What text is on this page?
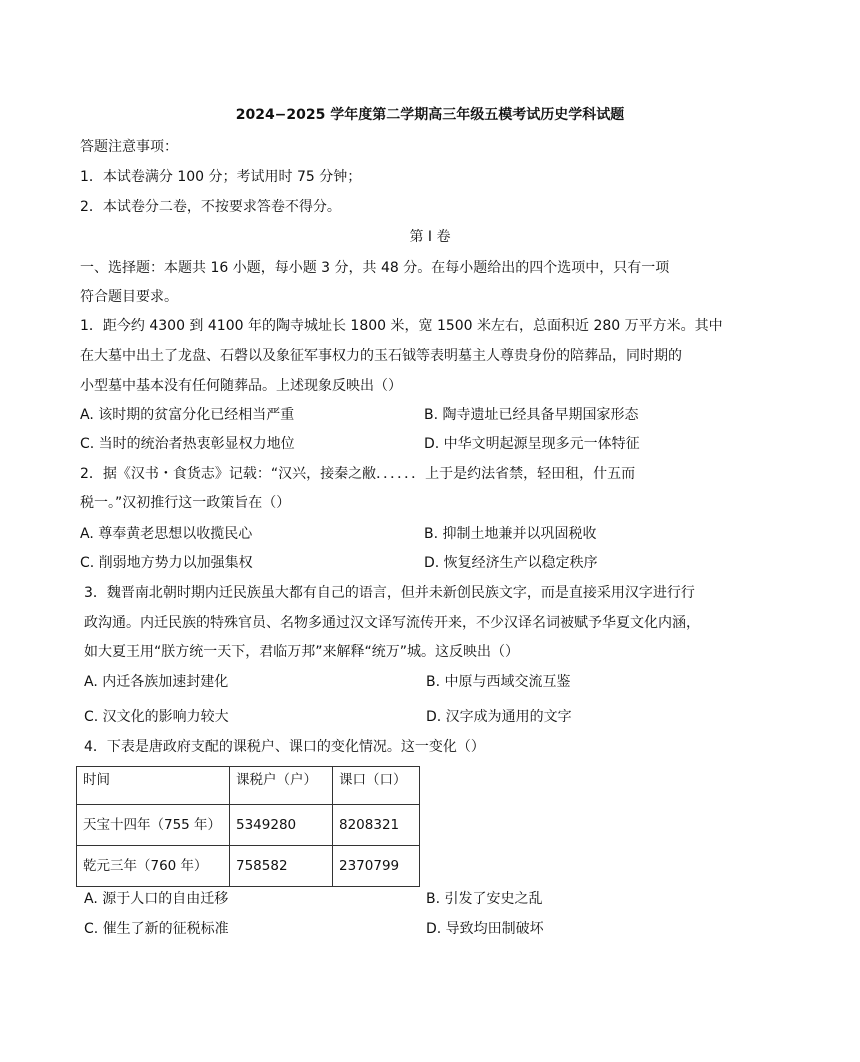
2024−2025 学年度第二学期高三年级五模考试历史学科试题
答题注意事项：
1．本试卷满分 100 分；考试用时 75 分钟；
2．本试卷分二卷，不按要求答卷不得分。
第 I 卷
一、选择题：本题共 16 小题，每小题 3 分，共 48 分。在每小题给出的四个选项中，只有一项
符合题目要求。
1．距今约 4300 到 4100 年的陶寺城址长 1800 米，宽 1500 米左右，总面积近 280 万平方米。其中
在大墓中出土了龙盘、石磬以及象征军事权力的玉石钺等表明墓主人尊贵身份的陪葬品，同时期的
小型墓中基本没有任何随葬品。上述现象反映出（）
A. 该时期的贫富分化已经相当严重	B. 陶寺遗址已经具备早期国家形态
C. 当时的统治者热衷彰显权力地位	D. 中华文明起源呈现多元一体特征
2．据《汉书・食货志》记载：“汉兴，接秦之敝．．．．．．上于是约法省禁，轻田租，什五而
税一。”汉初推行这一政策旨在（）
A. 尊奉黄老思想以收揽民心	B. 抑制土地兼并以巩固税收
C. 削弱地方势力以加强集权	D. 恢复经济生产以稳定秩序
3．魏晋南北朝时期内迁民族虽大都有自己的语言，但并未新创民族文字，而是直接采用汉字进行行
政沟通。内迁民族的特殊官员、名物多通过汉文译写流传开来，不少汉译名词被赋予华夏文化内涵，
如大夏王用“朕方统一天下，君临万邦”来解释“统万”城。这反映出（）
A. 内迁各族加速封建化	B. 中原与西域交流互鉴
C. 汉文化的影响力较大	D. 汉字成为通用的文字
4．下表是唐政府支配的课税户、课口的变化情况。这一变化（）
时间	课税户（户）	课口（口）
天宝十四年（755 年）	5349280	8208321
乾元三年（760 年）	758582	2370799
A. 源于人口的自由迁移	B. 引发了安史之乱
C. 催生了新的征税标准	D. 导致均田制破坏
